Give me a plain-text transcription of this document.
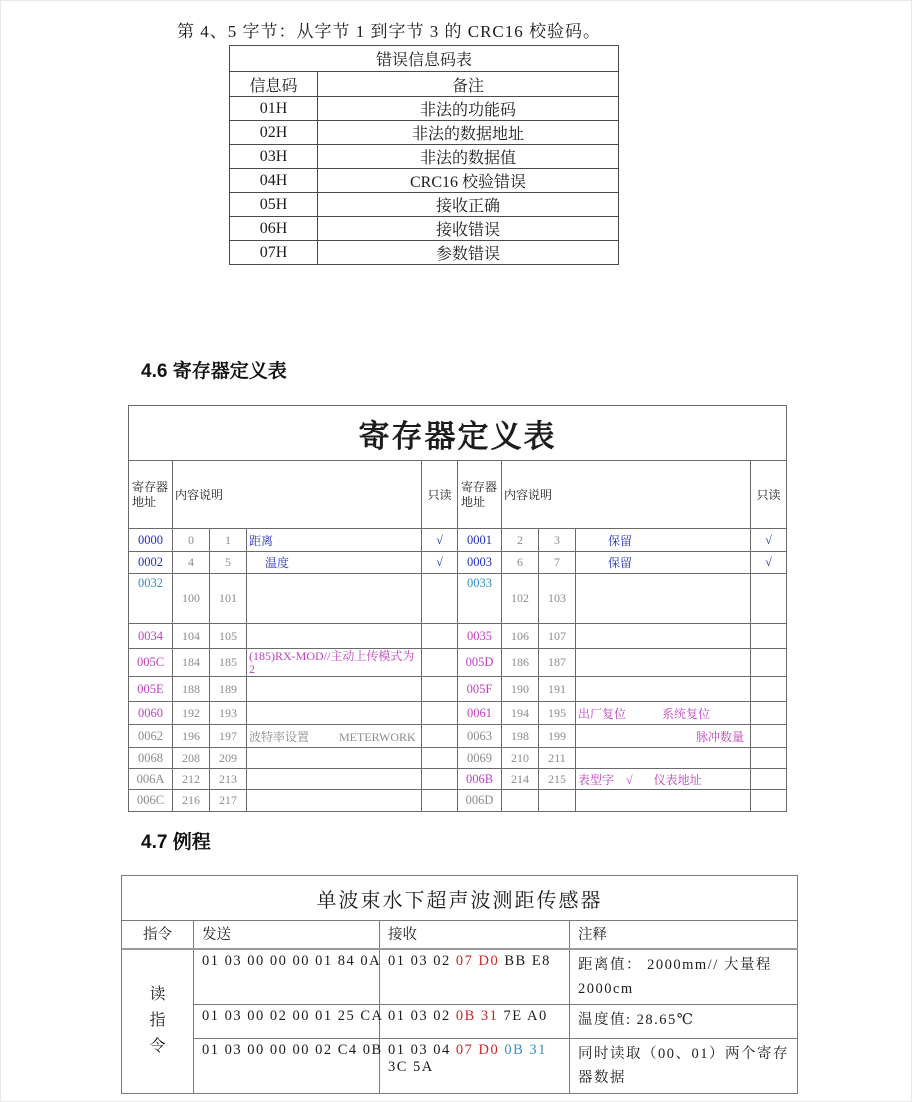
第 4、5 字节：从字节 1 到字节 3 的 CRC16 校验码。
错误信息码表	
信息码	备注
01H	非法的功能码
02H	非法的数据地址
03H	非法的数据值
04H	CRC16 校验错误
05H	接收正确
06H	接收错误
07H	参数错误
4.6 寄存器定义表
寄存器定义表									
寄存器地址	内容说明			只读	寄存器地址	内容说明			只读
0000	0	1	距离	√	0001	2	3	保留	√
0002	4	5	温度	√	0003	6	7	保留	√
0032	100	101			0033	102	103		
0034	104	105			0035	106	107		
005C	184	185	(185)RX-MOD//主动上传模式为2		005D	186	187		
005E	188	189			005F	190	191		
0060	192	193			0061	194	195	出厂复位            系统复位	
0062	196	197	波特率设置          METERWORK		0063	198	199	脉冲数量	
0068	208	209			0069	210	211		
006A	212	213			006B	214	215	表型字    √       仪表地址	
006C	216	217			006D				
4.7 例程
单波束水下超声波测距传感器			
指令	发送	接收	注释
读指令	01 03 00 00 00 01 84 0A	01 03 02 07 D0 BB E8	距离值： 2000mm// 大量程 2000cm
	01 03 00 02 00 01 25 CA	01 03 02 0B 31 7E A0	温度值: 28.65℃
	01 03 00 00 00 02 C4 0B	01 03 04 07 D0 0B 31 3C 5A	同时读取（00、01）两个寄存器数据
